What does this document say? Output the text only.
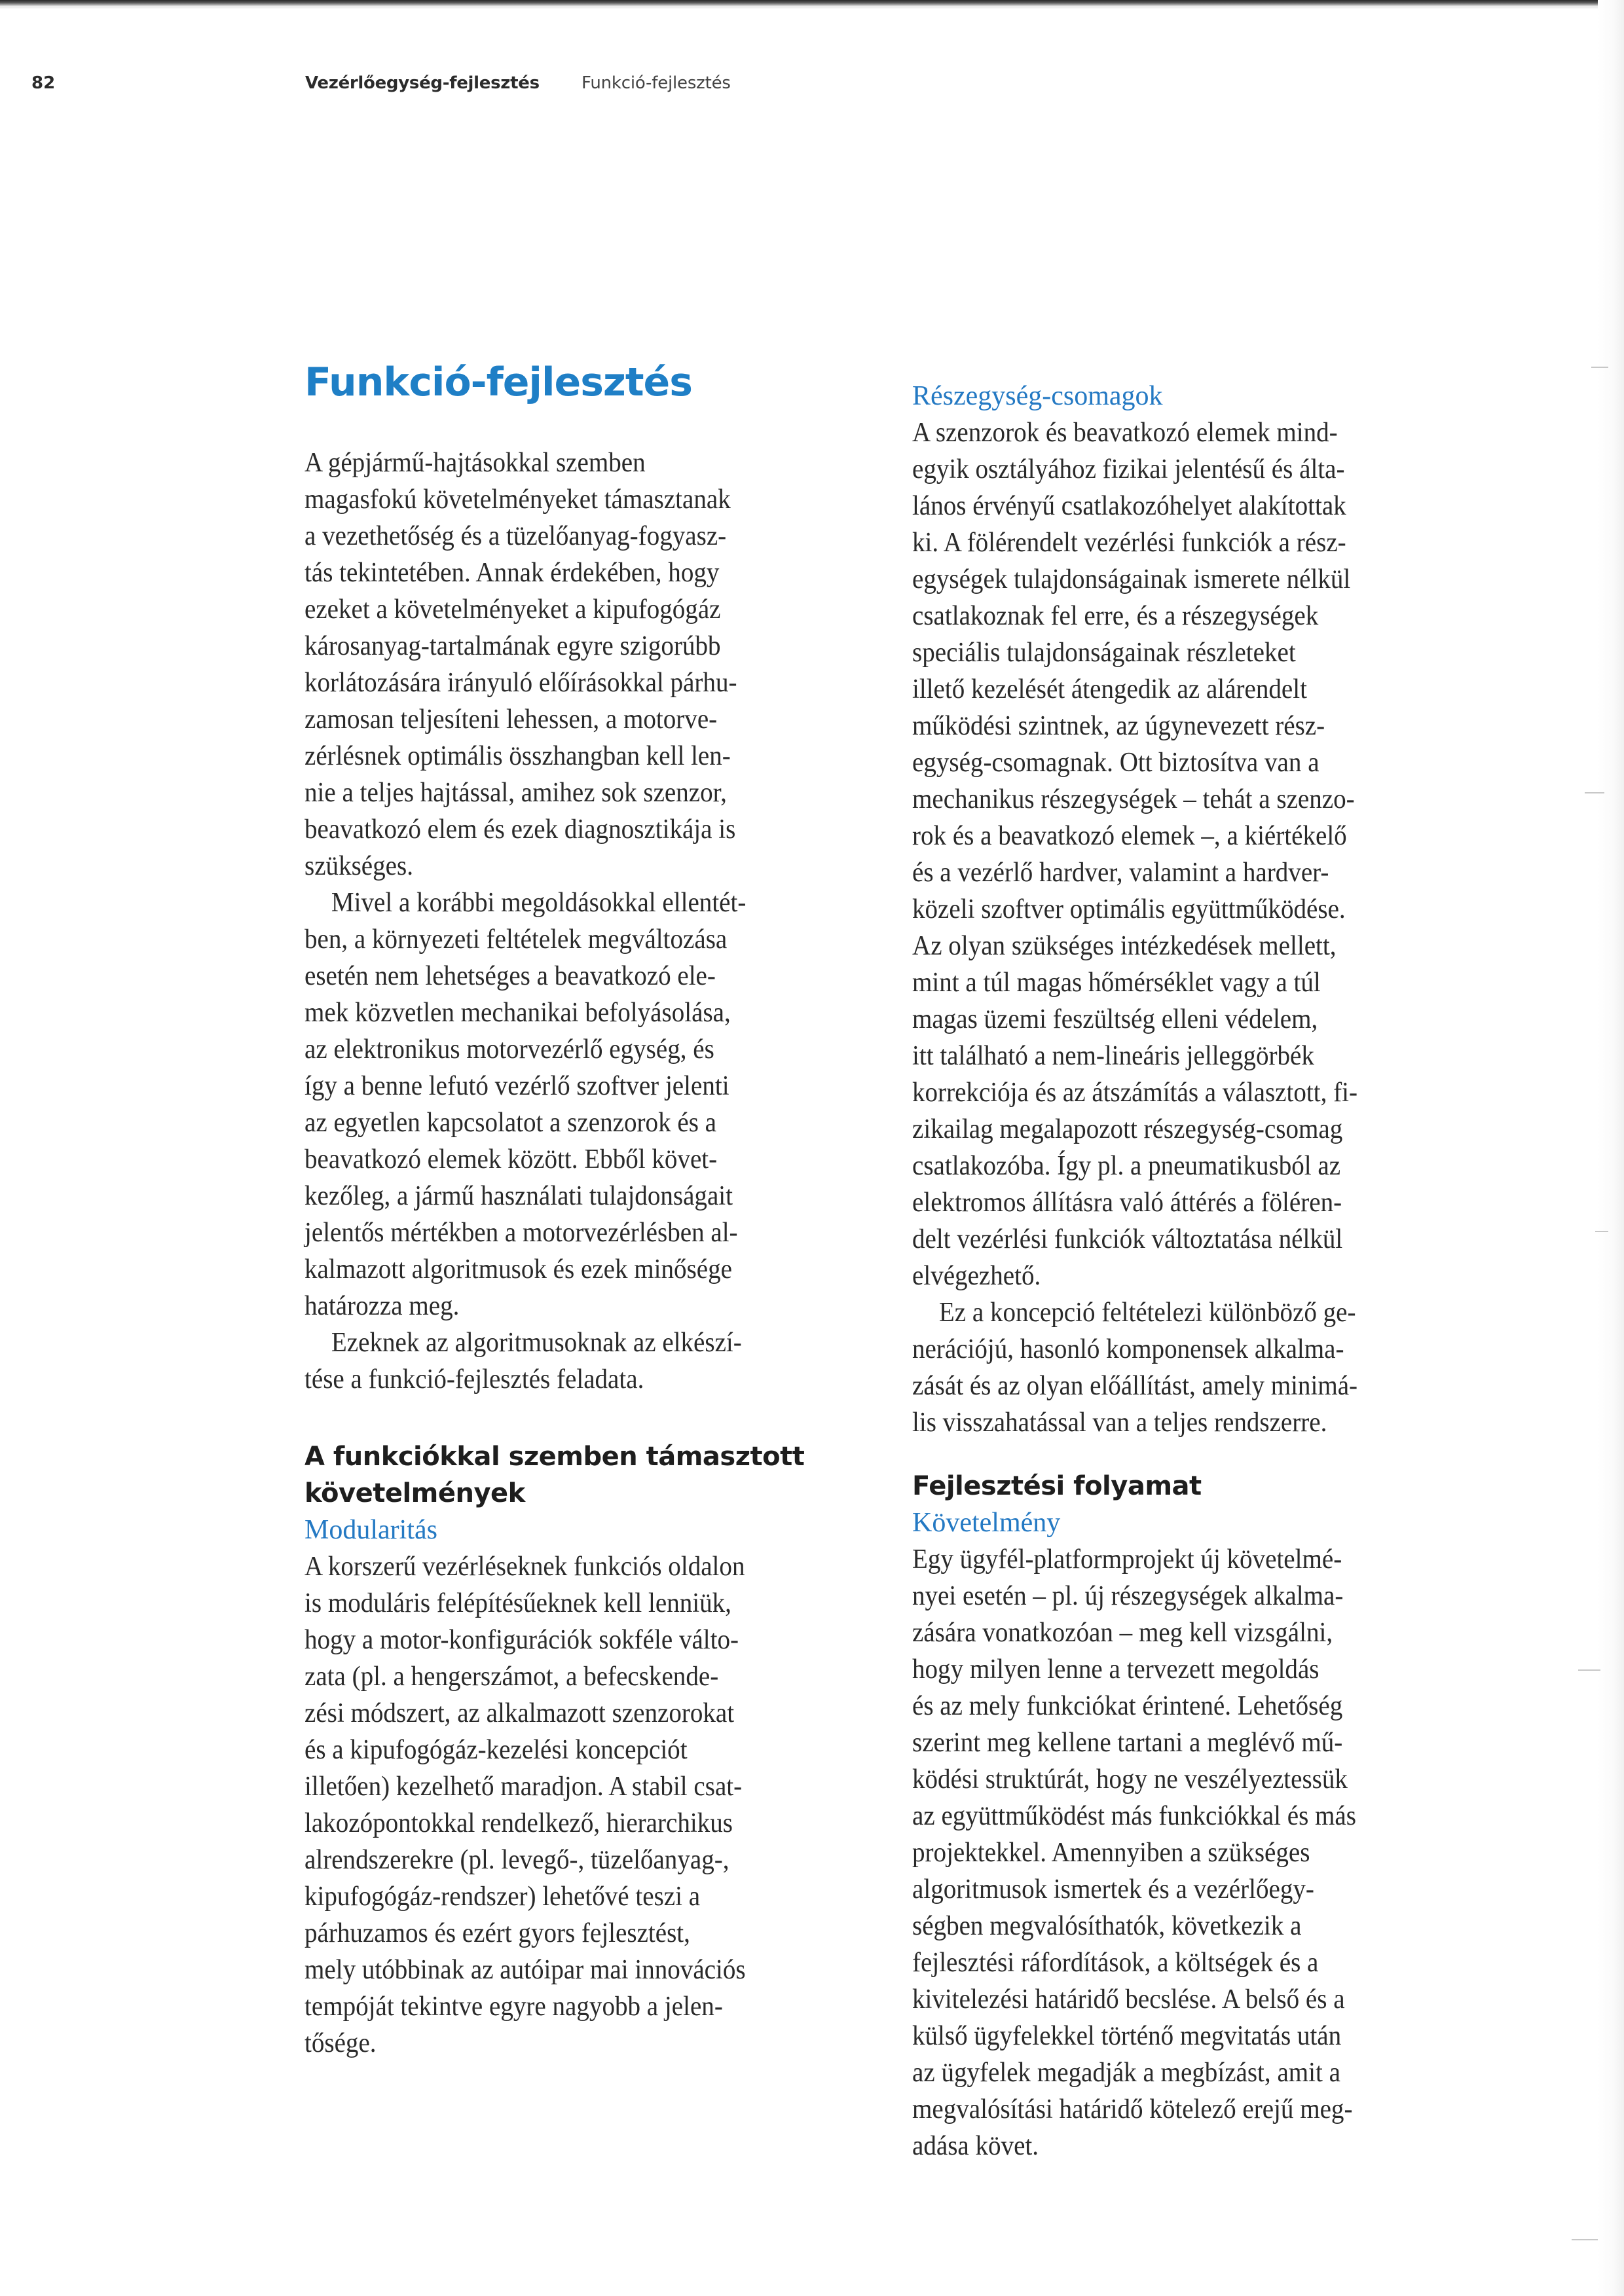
82	Vezérlőegység-fejlesztés Funkció-fejlesztés
Funkció-fejlesztés
A gépjármű-hajtásokkal szemben
magasfokú követelményeket támasztanak
a vezethetőség és a tüzelőanyag-fogyasz-
tás tekintetében. Annak érdekében, hogy
ezeket a követelményeket a kipufogógáz
károsanyag-tartalmának egyre szigorúbb
korlátozására irányuló előírásokkal párhu-
zamosan teljesíteni lehessen, a motorve-
zérlésnek optimális összhangban kell len-
nie a teljes hajtással, amihez sok szenzor,
beavatkozó elem és ezek diagnosztikája is
szükséges.
Mivel a korábbi megoldásokkal ellentét-
ben, a környezeti feltételek megváltozása
esetén nem lehetséges a beavatkozó ele-
mek közvetlen mechanikai befolyásolása,
az elektronikus motorvezérlő egység, és
így a benne lefutó vezérlő szoftver jelenti
az egyetlen kapcsolatot a szenzorok és a
beavatkozó elemek között. Ebből követ-
kezőleg, a jármű használati tulajdonságait
jelentős mértékben a motorvezérlésben al-
kalmazott algoritmusok és ezek minősége
határozza meg.
Ezeknek az algoritmusoknak az elkészí-
tése a funkció-fejlesztés feladata.
A funkciókkal szemben támasztott
követelmények
Modularitás
A korszerű vezérléseknek funkciós oldalon
is moduláris felépítésűeknek kell lenniük,
hogy a motor-konfigurációk sokféle válto-
zata (pl. a hengerszámot, a befecskende-
zési módszert, az alkalmazott szenzorokat
és a kipufogógáz-kezelési koncepciót
illetően) kezelhető maradjon. A stabil csat-
lakozópontokkal rendelkező, hierarchikus
alrendszerekre (pl. levegő-, tüzelőanyag-,
kipufogógáz-rendszer) lehetővé teszi a
párhuzamos és ezért gyors fejlesztést,
mely utóbbinak az autóipar mai innovációs
tempóját tekintve egyre nagyobb a jelen-
tősége.
Részegység-csomagok
A szenzorok és beavatkozó elemek mind-
egyik osztályához fizikai jelentésű és álta-
lános érvényű csatlakozóhelyet alakítottak
ki. A fölérendelt vezérlési funkciók a rész-
egységek tulajdonságainak ismerete nélkül
csatlakoznak fel erre, és a részegységek
speciális tulajdonságainak részleteket
illető kezelését átengedik az alárendelt
működési szintnek, az úgynevezett rész-
egység-csomagnak. Ott biztosítva van a
mechanikus részegységek – tehát a szenzo-
rok és a beavatkozó elemek –, a kiértékelő
és a vezérlő hardver, valamint a hardver-
közeli szoftver optimális együttműködése.
Az olyan szükséges intézkedések mellett,
mint a túl magas hőmérséklet vagy a túl
magas üzemi feszültség elleni védelem,
itt található a nem-lineáris jelleggörbék
korrekciója és az átszámítás a választott, fi-
zikailag megalapozott részegység-csomag
csatlakozóba. Így pl. a pneumatikusból az
elektromos állításra való áttérés a föléren-
delt vezérlési funkciók változtatása nélkül
elvégezhető.
Ez a koncepció feltételezi különböző ge-
nerációjú, hasonló komponensek alkalma-
zását és az olyan előállítást, amely minimá-
lis visszahatással van a teljes rendszerre.
Fejlesztési folyamat
Követelmény
Egy ügyfél-platformprojekt új követelmé-
nyei esetén – pl. új részegységek alkalma-
zására vonatkozóan – meg kell vizsgálni,
hogy milyen lenne a tervezett megoldás
és az mely funkciókat érintené. Lehetőség
szerint meg kellene tartani a meglévő mű-
ködési struktúrát, hogy ne veszélyeztessük
az együttműködést más funkciókkal és más
projektekkel. Amennyiben a szükséges
algoritmusok ismertek és a vezérlőegy-
ségben megvalósíthatók, következik a
fejlesztési ráfordítások, a költségek és a
kivitelezési határidő becslése. A belső és a
külső ügyfelekkel történő megvitatás után
az ügyfelek megadják a megbízást, amit a
megvalósítási határidő kötelező erejű meg-
adása követ.
